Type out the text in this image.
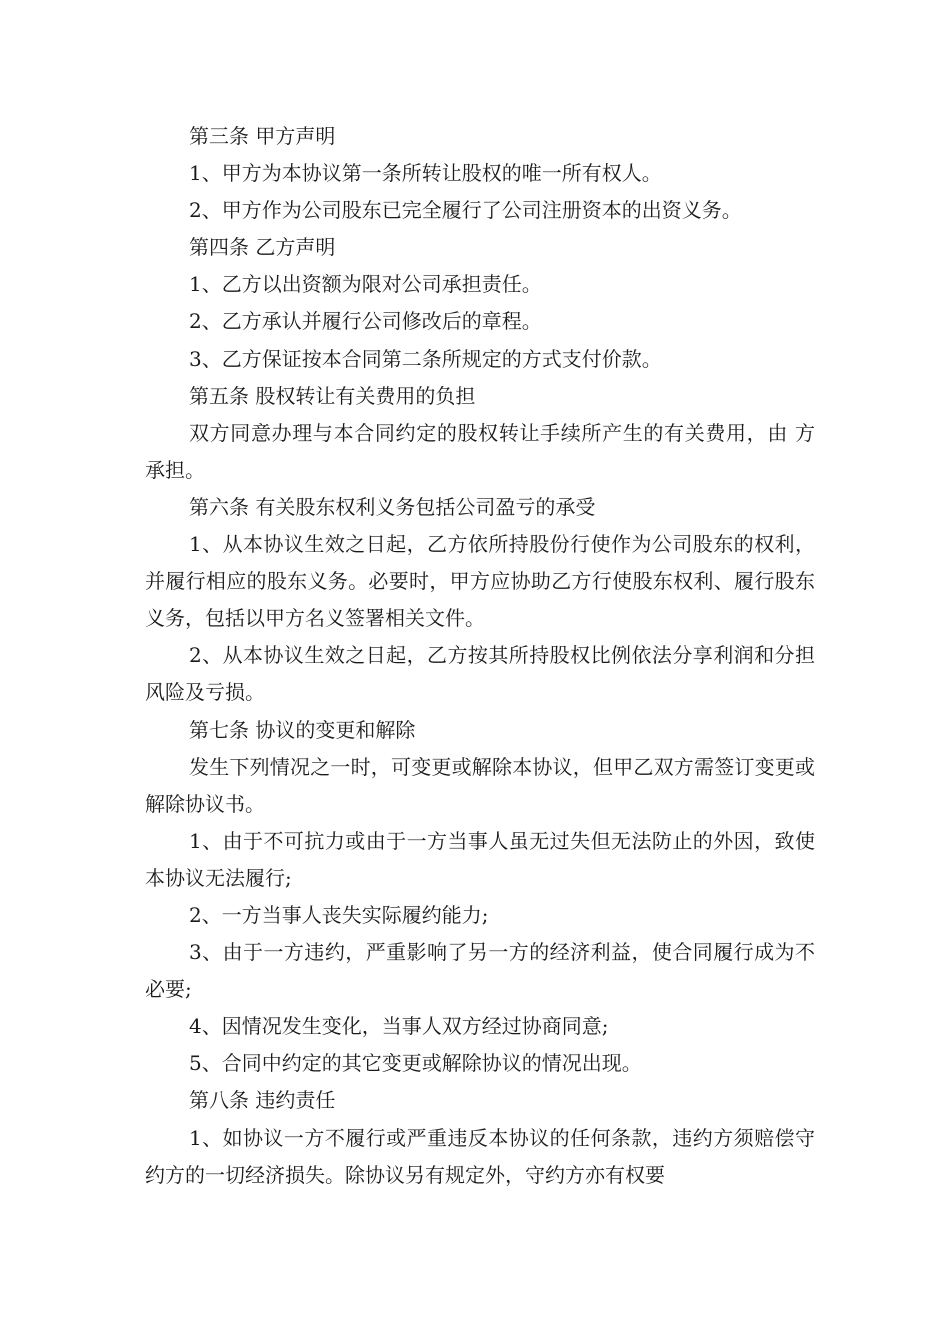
第三条 甲方声明

1、甲方为本协议第一条所转让股权的唯一所有权人。

2、甲方作为公司股东已完全履行了公司注册资本的出资义务。

第四条 乙方声明

1、乙方以出资额为限对公司承担责任。

2、乙方承认并履行公司修改后的章程。

3、乙方保证按本合同第二条所规定的方式支付价款。

第五条 股权转让有关费用的负担

双方同意办理与本合同约定的股权转让手续所产生的有关费用，由 方承担。

第六条 有关股东权利义务包括公司盈亏的承受

1、从本协议生效之日起，乙方依所持股份行使作为公司股东的权利，并履行相应的股东义务。必要时，甲方应协助乙方行使股东权利、履行股东义务，包括以甲方名义签署相关文件。

2、从本协议生效之日起，乙方按其所持股权比例依法分享利润和分担风险及亏损。

第七条 协议的变更和解除

发生下列情况之一时，可变更或解除本协议，但甲乙双方需签订变更或解除协议书。

1、由于不可抗力或由于一方当事人虽无过失但无法防止的外因，致使本协议无法履行;

2、一方当事人丧失实际履约能力;

3、由于一方违约，严重影响了另一方的经济利益，使合同履行成为不必要;

4、因情况发生变化，当事人双方经过协商同意;

5、合同中约定的其它变更或解除协议的情况出现。

第八条 违约责任

1、如协议一方不履行或严重违反本协议的任何条款，违约方须赔偿守约方的一切经济损失。除协议另有规定外，守约方亦有权要
